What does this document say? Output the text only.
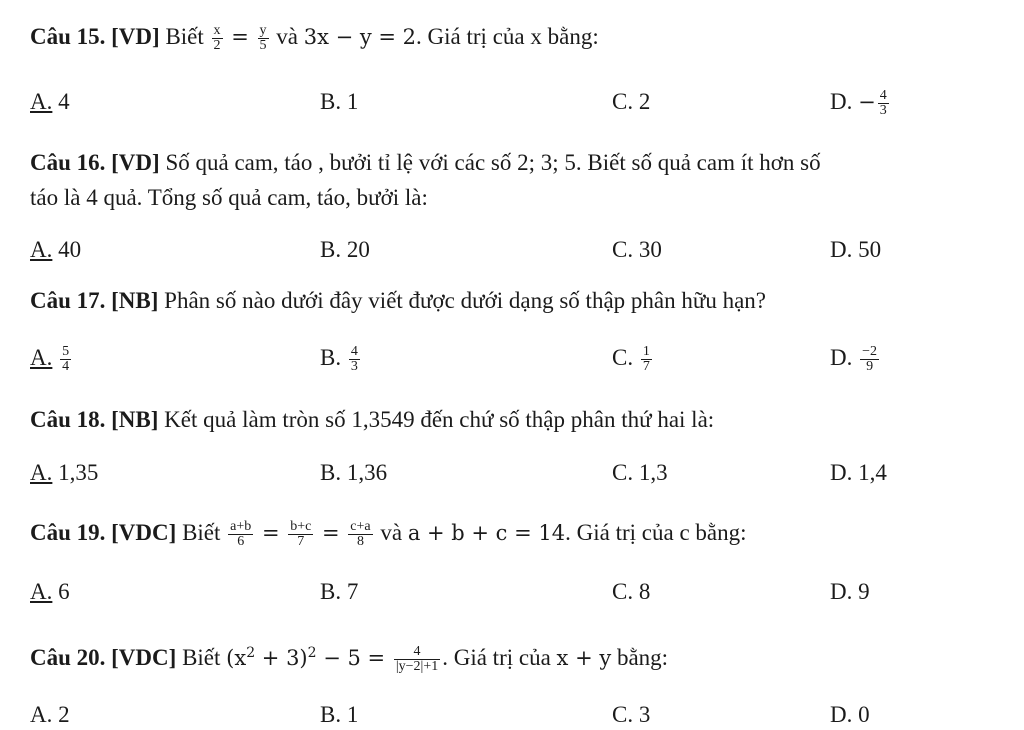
Câu 15. [VD] Biết $\frac{x}{2} = \frac{y}{5}$ và 3x − y = 2. Giá trị của x bằng:
A. 4	B. 1	C. 2	D. − $\frac{4}{3}$
Câu 16. [VD] Số quả cam, táo , bưởi tỉ lệ với các số 2; 3; 5. Biết số quả cam ít hơn số
táo là 4 quả. Tổng số quả cam, táo, bưởi là:
A. 40	B. 20	C. 30	D. 50
Câu 17. [NB] Phân số nào dưới đây viết được dưới dạng số thập phân hữu hạn?
A. $\frac{5}{4}$	B. $\frac{4}{3}$	C. $\frac{1}{7}$	D. $\frac{-2}{9}$
Câu 18. [NB] Kết quả làm tròn số 1,3549 đến chứ số thập phân thứ hai là:
A. 1,35	B. 1,36	C. 1,3	D. 1,4
Câu 19. [VDC] Biết $\frac{a+b}{6} = \frac{b+c}{7} = \frac{c+a}{8}$ và a + b + c = 14. Giá trị của c bằng:
A. 6	B. 7	C. 8	D. 9
Câu 20. [VDC] Biết $(x^2 + 3)^2 - 5 = \frac{4}{|y-2|+1}$ . Giá trị của x + y bằng:
A. 2	B. 1	C. 3	D. 0
